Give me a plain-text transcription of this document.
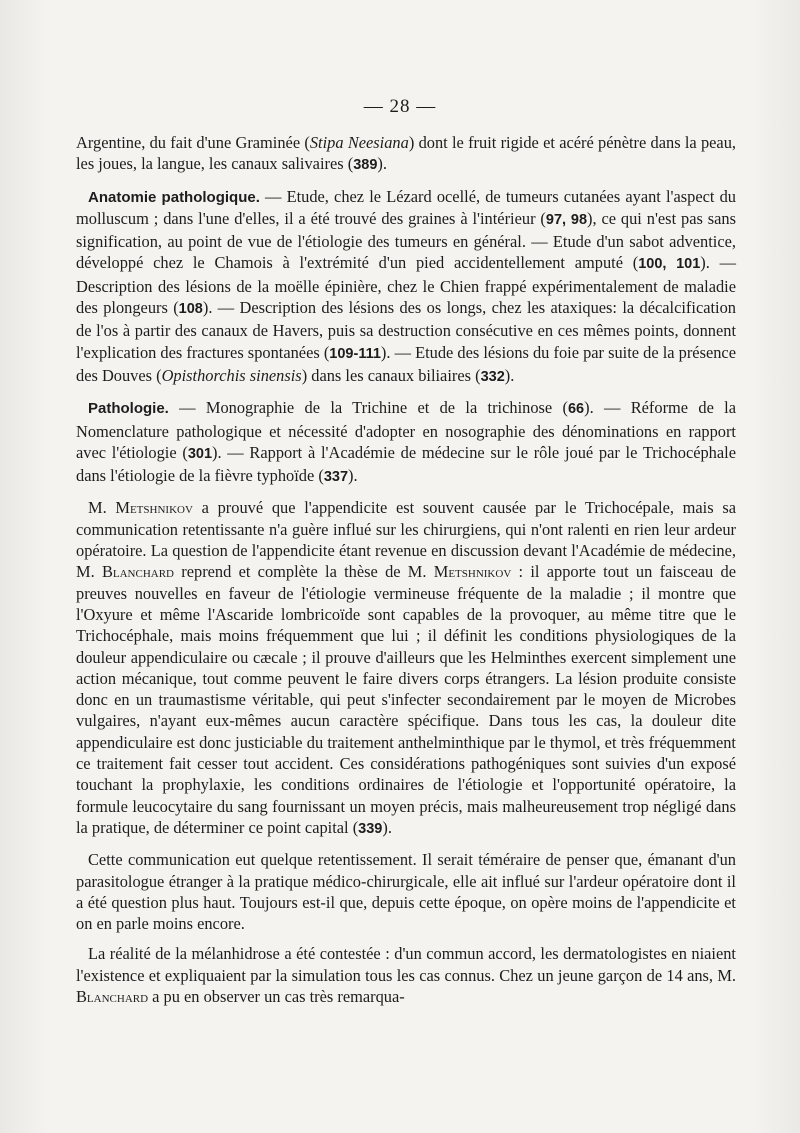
— 28 —

Argentine, du fait d'une Graminée (Stipa Neesiana) dont le fruit rigide et acéré pénètre dans la peau, les joues, la langue, les canaux salivaires (389).

Anatomie pathologique. — Etude, chez le Lézard ocellé, de tumeurs cutanées ayant l'aspect du molluscum ; dans l'une d'elles, il a été trouvé des graines à l'intérieur (97, 98), ce qui n'est pas sans signification, au point de vue de l'étiologie des tumeurs en général. — Etude d'un sabot adventice, développé chez le Chamois à l'extrémité d'un pied accidentellement amputé (100, 101). — Description des lésions de la moëlle épinière, chez le Chien frappé expérimentalement de maladie des plongeurs (108). — Description des lésions des os longs, chez les ataxiques: la décalcification de l'os à partir des canaux de Havers, puis sa destruction consécutive en ces mêmes points, donnent l'explication des fractures spontanées (109-111). — Etude des lésions du foie par suite de la présence des Douves (Opisthorchis sinensis) dans les canaux biliaires (332).

Pathologie. — Monographie de la Trichine et de la trichinose (66). — Réforme de la Nomenclature pathologique et nécessité d'adopter en nosographie des dénominations en rapport avec l'étiologie (301). — Rapport à l'Académie de médecine sur le rôle joué par le Trichocéphale dans l'étiologie de la fièvre typhoïde (337).

M. Metshnikov a prouvé que l'appendicite est souvent causée par le Trichocépale, mais sa communication retentissante n'a guère influé sur les chirurgiens, qui n'ont ralenti en rien leur ardeur opératoire. La question de l'appendicite étant revenue en discussion devant l'Académie de médecine, M. Blanchard reprend et complète la thèse de M. Metshnikov : il apporte tout un faisceau de preuves nouvelles en faveur de l'étiologie vermineuse fréquente de la maladie ; il montre que l'Oxyure et même l'Ascaride lombricoïde sont capables de la provoquer, au même titre que le Trichocéphale, mais moins fréquemment que lui ; il définit les conditions physiologiques de la douleur appendiculaire ou cæcale ; il prouve d'ailleurs que les Helminthes exercent simplement une action mécanique, tout comme peuvent le faire divers corps étrangers. La lésion produite consiste donc en un traumastisme véritable, qui peut s'infecter secondairement par le moyen de Microbes vulgaires, n'ayant eux-mêmes aucun caractère spécifique. Dans tous les cas, la douleur dite appendiculaire est donc justiciable du traitement anthelminthique par le thymol, et très fréquemment ce traitement fait cesser tout accident. Ces considérations pathogéniques sont suivies d'un exposé touchant la prophylaxie, les conditions ordinaires de l'étiologie et l'opportunité opératoire, la formule leucocytaire du sang fournissant un moyen précis, mais malheureusement trop négligé dans la pratique, de déterminer ce point capital (339).

Cette communication eut quelque retentissement. Il serait téméraire de penser que, émanant d'un parasitologue étranger à la pratique médico-chirurgicale, elle ait influé sur l'ardeur opératoire dont il a été question plus haut. Toujours est-il que, depuis cette époque, on opère moins de l'appendicite et on en parle moins encore.

La réalité de la mélanhidrose a été contestée : d'un commun accord, les dermatologistes en niaient l'existence et expliquaient par la simulation tous les cas connus. Chez un jeune garçon de 14 ans, M. Blanchard a pu en observer un cas très remarqua-
